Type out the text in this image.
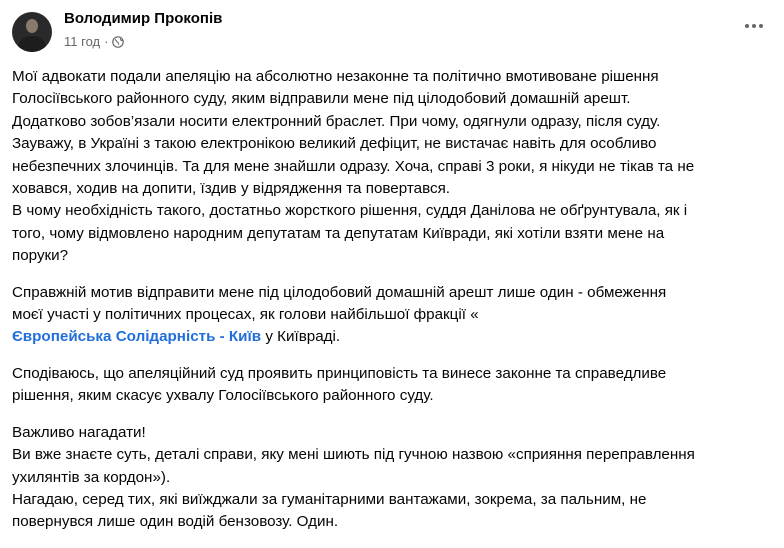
Володимир Прокопів
11 год ·

Мої адвокати подали апеляцію на абсолютно незаконне та політично вмотивоване рішення
Голосіївського районного суду, яким відправили мене під цілодобовий домашній арешт.
Додатково зобов’язали носити електронний браслет. При чому, одягнули одразу, після суду.
Зауважу, в Україні з такою електронікою великий дефіцит, не вистачає навіть для особливо
небезпечних злочинців. Та для мене знайшли одразу. Хоча, справі 3 роки, я нікуди не тікав та не
ховався, ходив на допити, їздив у відрядження та повертався.
В чому необхідність такого, достатньо жорсткого рішення, суддя Данілова не обґрунтувала, як і
того, чому відмовлено народним депутатам та депутатам Київради, які хотіли взяти мене на
поруки?

Справжній мотив відправити мене під цілодобовий домашній арешт лише один - обмеження
моєї участі у політичних процесах, як голови найбільшої фракції «
Європейська Солідарність - Київ у Київраді.

Сподіваюсь, що апеляційний суд проявить принциповість та винесе законне та справедливе
рішення, яким скасує ухвалу Голосіївського районного суду.

Важливо нагадати!
Ви вже знаєте суть, деталі справи, яку мені шиють під гучною назвою «сприяння переправлення
ухилянтів за кордон»).
Нагадаю, серед тих, які виїжджали за гуманітарними вантажами, зокрема, за пальним, не
повернувся лише один водій бензовозу. Один.
